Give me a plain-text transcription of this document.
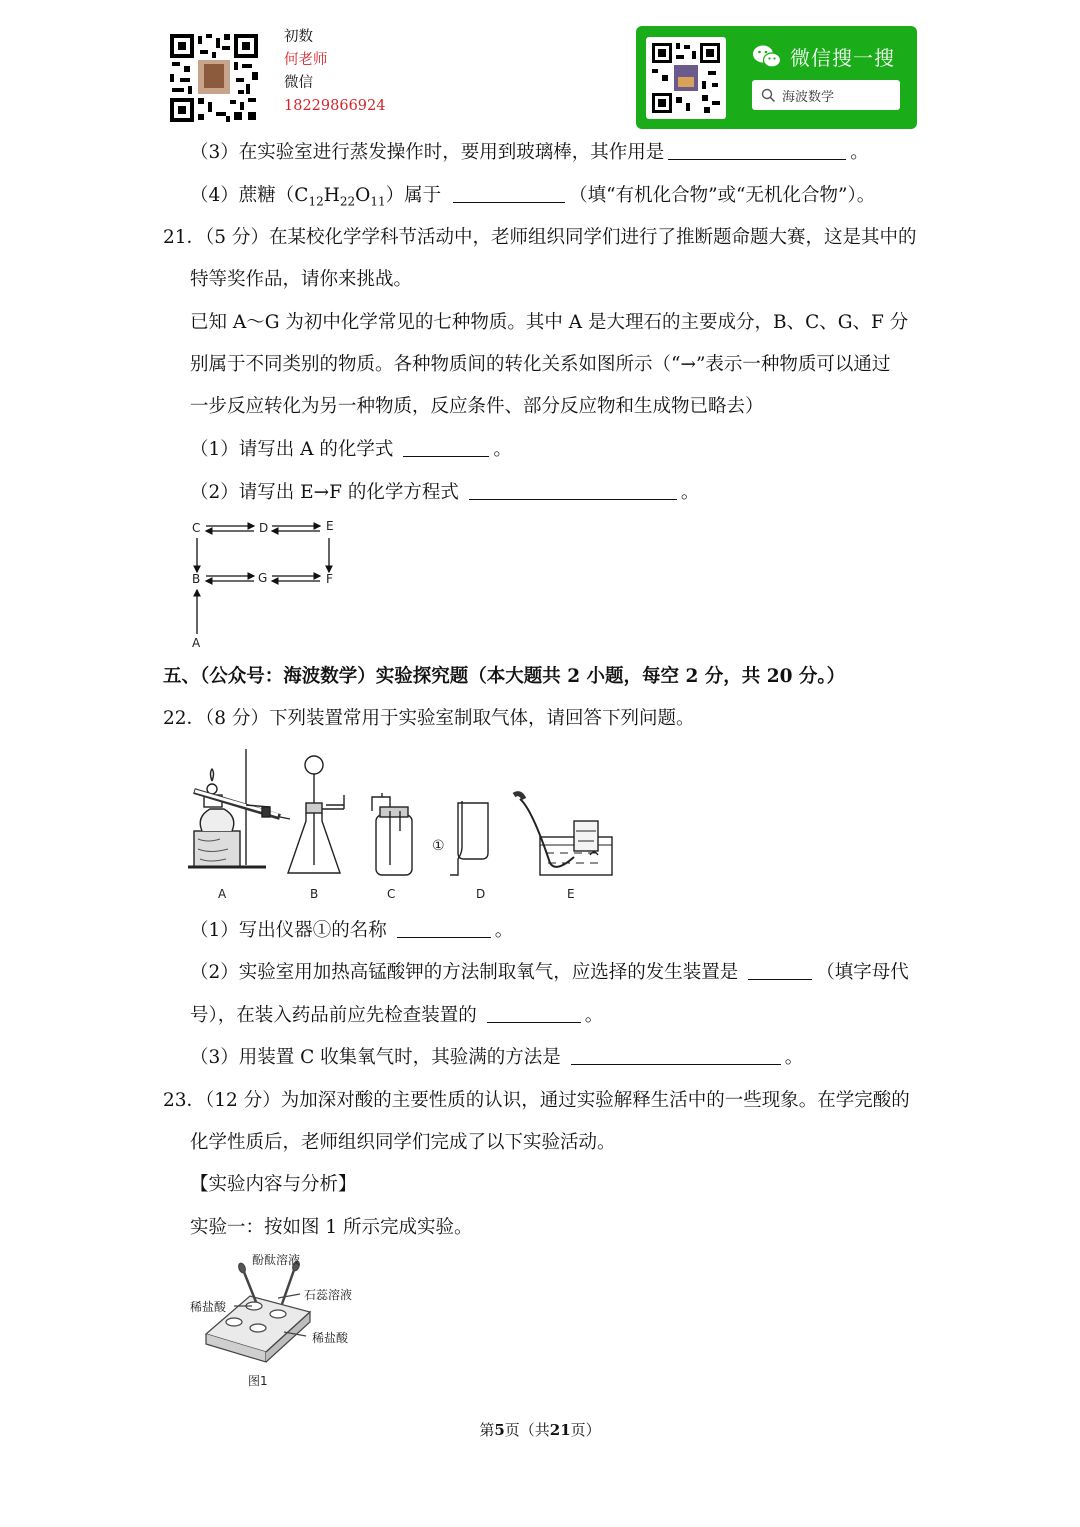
初数
何老师
微信
18229866924
微信搜一搜
海波数学
（3）在实验室进行蒸发操作时，要用到玻璃棒，其作用是	。
（4）蔗糖$(C_{12}H_{22}O_{11})$属于	（填“有机化合物”或“无机化合物”）。
21．（5 分）在某校化学学科节活动中，老师组织同学们进行了推断题命题大赛，这是其中的
特等奖作品，请你来挑战。
已知 A～G 为初中化学常见的七种物质。其中 A 是大理石的主要成分，B、C、G、F 分
别属于不同类别的物质。各种物质间的转化关系如图所示（“→”表示一种物质可以通过
一步反应转化为另一种物质，反应条件、部分反应物和生成物已略去）
（1）请写出 A 的化学式	。
（2）请写出 E→F 的化学方程式	。
C	D	E
B	G	F
A
五、（公众号：海波数学）实验探究题（本大题共 2 小题，每空 2 分，共 20 分。）
22．（8 分）下列装置常用于实验室制取气体，请回答下列问题。
①
A	B	C	D	E
（1）写出仪器①的名称	。
（2）实验室用加热高锰酸钾的方法制取氧气，应选择的发生装置是	（填字母代
号），在装入药品前应先检查装置的	。
（3）用装置 C 收集氧气时，其验满的方法是	。
23．（12 分）为加深对酸的主要性质的认识，通过实验解释生活中的一些现象。在学完酸的
化学性质后，老师组织同学们完成了以下实验活动。
【实验内容与分析】
实验一：按如图 1 所示完成实验。
酚酞溶液
稀盐酸
石蕊溶液
稀盐酸
图1
第5页（共21页）
